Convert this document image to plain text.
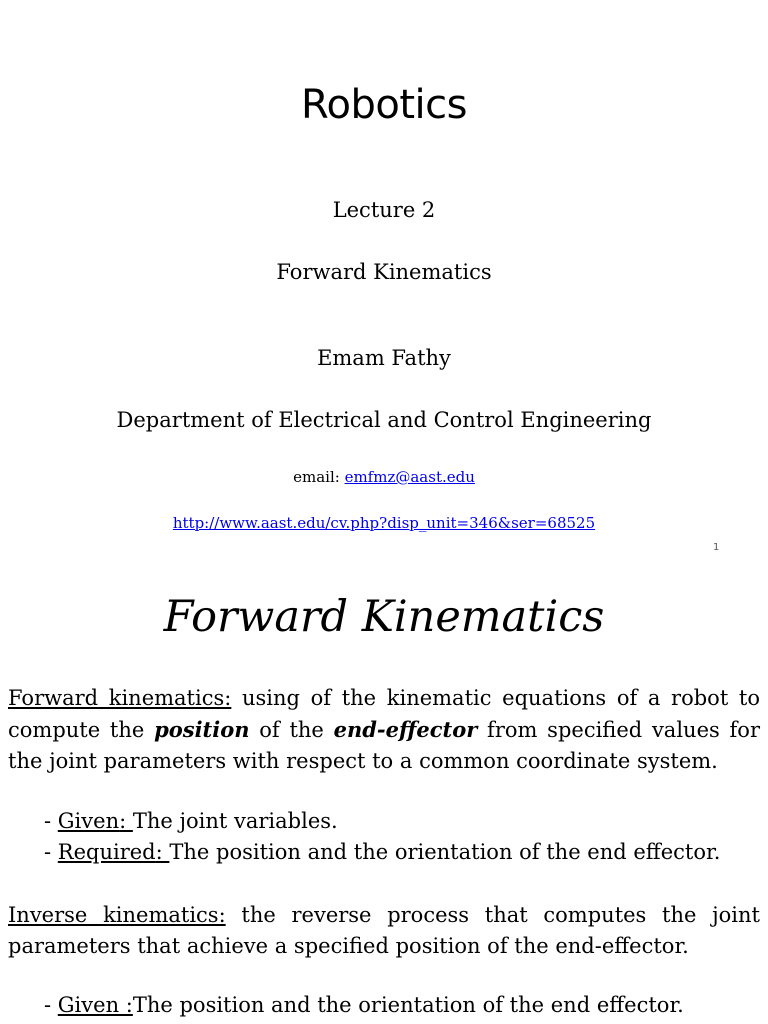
Robotics
Lecture 2
Forward Kinematics
Emam Fathy
Department of Electrical and Control Engineering
email: emfmz@aast.edu
http://www.aast.edu/cv.php?disp_unit=346&ser=68525
1
Forward Kinematics
Forward kinematics: using of the kinematic equations of a robot to compute the position of the end-effector from specified values for the joint parameters with respect to a common coordinate system.
- Given: The joint variables.
- Required: The position and the orientation of the end effector.
Inverse kinematics: the reverse process that computes the joint parameters that achieve a specified position of the end-effector.
- Given :The position and the orientation of the end effector.
